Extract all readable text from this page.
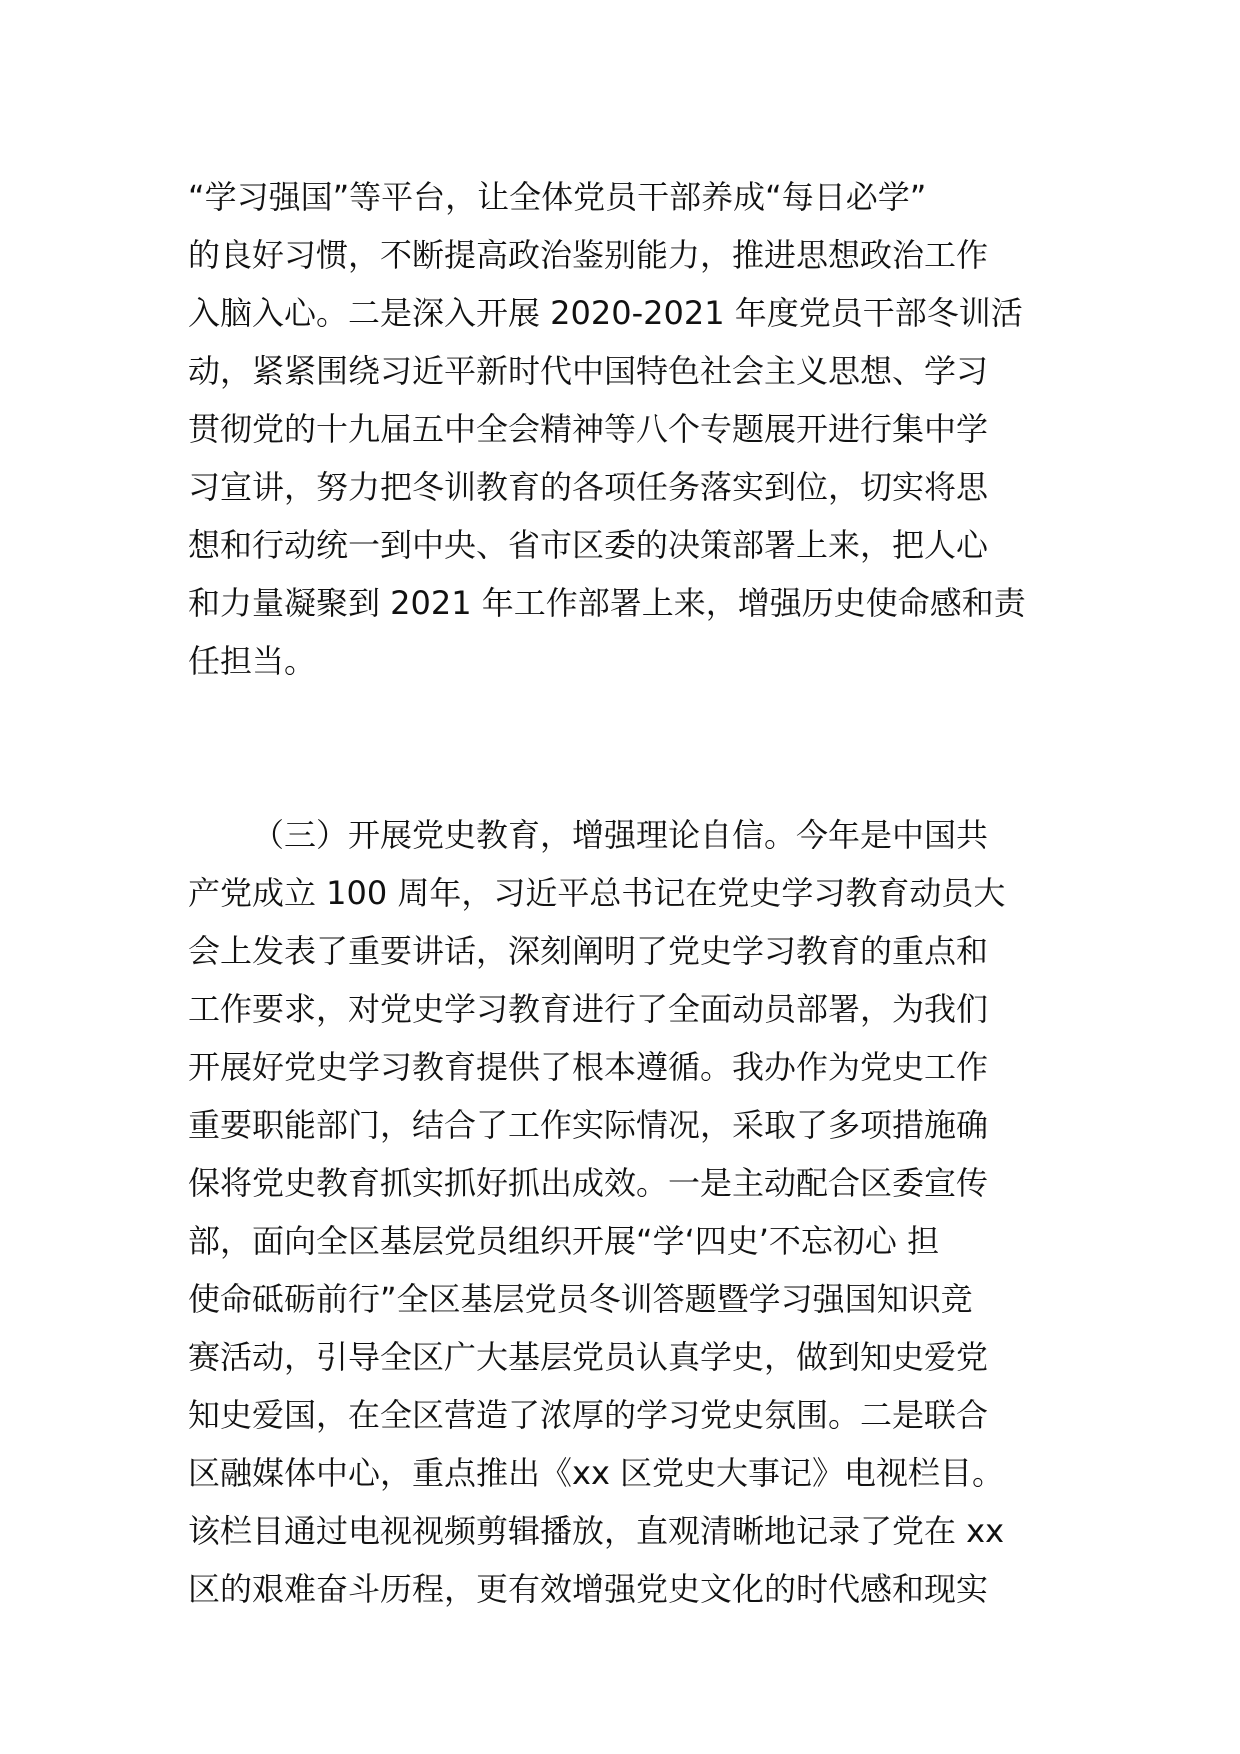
“学习强国”等平台，让全体党员干部养成“每日必学”
的良好习惯，不断提高政治鉴别能力，推进思想政治工作
入脑入心。二是深入开展 2020-2021 年度党员干部冬训活
动，紧紧围绕习近平新时代中国特色社会主义思想、学习
贯彻党的十九届五中全会精神等八个专题展开进行集中学
习宣讲，努力把冬训教育的各项任务落实到位，切实将思
想和行动统一到中央、省市区委的决策部署上来，把人心
和力量凝聚到 2021 年工作部署上来，增强历史使命感和责
任担当。
（三）开展党史教育，增强理论自信。今年是中国共
产党成立 100 周年，习近平总书记在党史学习教育动员大
会上发表了重要讲话，深刻阐明了党史学习教育的重点和
工作要求，对党史学习教育进行了全面动员部署，为我们
开展好党史学习教育提供了根本遵循。我办作为党史工作
重要职能部门，结合了工作实际情况，采取了多项措施确
保将党史教育抓实抓好抓出成效。一是主动配合区委宣传
部，面向全区基层党员组织开展“学‘四史’不忘初心 担
使命砥砺前行”全区基层党员冬训答题暨学习强国知识竞
赛活动，引导全区广大基层党员认真学史，做到知史爱党
知史爱国，在全区营造了浓厚的学习党史氛围。二是联合
区融媒体中心，重点推出《xx 区党史大事记》电视栏目。
该栏目通过电视视频剪辑播放，直观清晰地记录了党在 xx
区的艰难奋斗历程，更有效增强党史文化的时代感和现实
